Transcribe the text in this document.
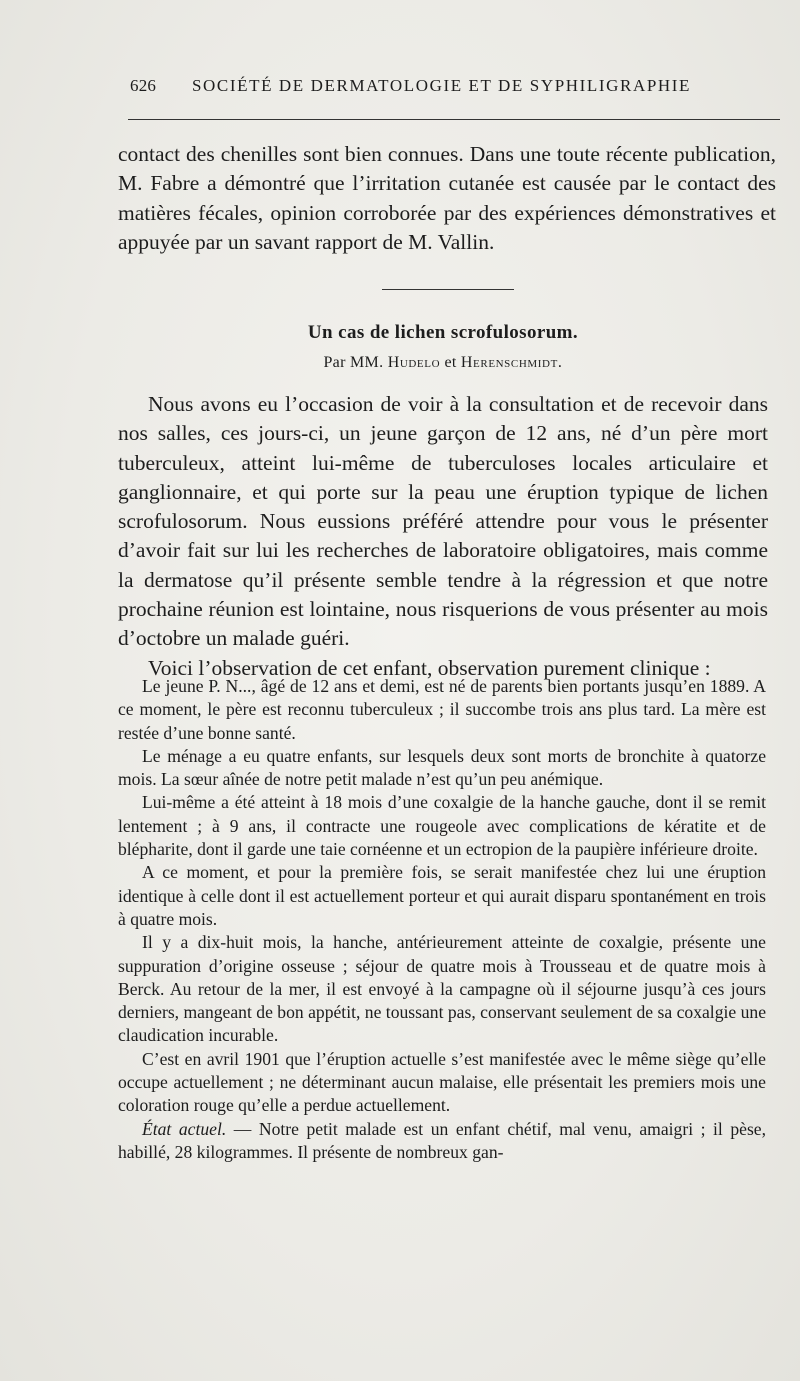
626	SOCIÉTÉ DE DERMATOLOGIE ET DE SYPHILIGRAPHIE

contact des chenilles sont bien connues. Dans une toute récente publication, M. Fabre a démontré que l’irritation cutanée est causée par le contact des matières fécales, opinion corroborée par des expériences démonstratives et appuyée par un savant rapport de M. Vallin.

Un cas de lichen scrofulosorum.
Par MM. Hudelo et Herenschmidt.

Nous avons eu l’occasion de voir à la consultation et de recevoir dans nos salles, ces jours-ci, un jeune garçon de 12 ans, né d’un père mort tuberculeux, atteint lui-même de tuberculoses locales articulaire et ganglionnaire, et qui porte sur la peau une éruption typique de lichen scrofulosorum. Nous eussions préféré attendre pour vous le présenter d’avoir fait sur lui les recherches de laboratoire obligatoires, mais comme la dermatose qu’il présente semble tendre à la régression et que notre prochaine réunion est lointaine, nous risquerions de vous présenter au mois d’octobre un malade guéri.

Voici l’observation de cet enfant, observation purement clinique :

Le jeune P. N..., âgé de 12 ans et demi, est né de parents bien portants jusqu’en 1889. A ce moment, le père est reconnu tuberculeux ; il succombe trois ans plus tard. La mère est restée d’une bonne santé.

Le ménage a eu quatre enfants, sur lesquels deux sont morts de bronchite à quatorze mois. La sœur aînée de notre petit malade n’est qu’un peu anémique.

Lui-même a été atteint à 18 mois d’une coxalgie de la hanche gauche, dont il se remit lentement ; à 9 ans, il contracte une rougeole avec complications de kératite et de blépharite, dont il garde une taie cornéenne et un ectropion de la paupière inférieure droite.

A ce moment, et pour la première fois, se serait manifestée chez lui une éruption identique à celle dont il est actuellement porteur et qui aurait disparu spontanément en trois à quatre mois.

Il y a dix-huit mois, la hanche, antérieurement atteinte de coxalgie, présente une suppuration d’origine osseuse ; séjour de quatre mois à Trousseau et de quatre mois à Berck. Au retour de la mer, il est envoyé à la campagne où il séjourne jusqu’à ces jours derniers, mangeant de bon appétit, ne toussant pas, conservant seulement de sa coxalgie une claudication incurable.

C’est en avril 1901 que l’éruption actuelle s’est manifestée avec le même siège qu’elle occupe actuellement ; ne déterminant aucun malaise, elle présentait les premiers mois une coloration rouge qu’elle a perdue actuellement.

État actuel. — Notre petit malade est un enfant chétif, mal venu, amaigri ; il pèse, habillé, 28 kilogrammes. Il présente de nombreux gan-
